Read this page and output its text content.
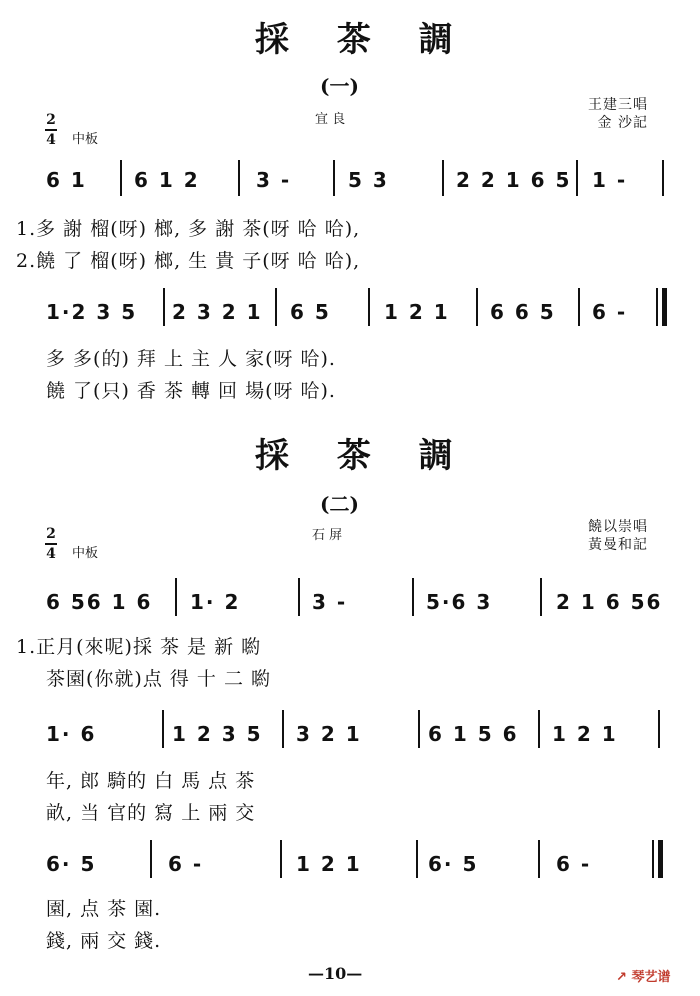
採 茶 調
(一)
宜 良
2
4 中板
王建三唱
金 沙記
6 1 6 1 2	3 -	5 3	2 2 1 6 5 1 -
1.多 謝 榴(呀) 榔, 多 謝 茶(呀 哈 哈),
2.饒 了 榴(呀) 榔, 生 貴 子(呀 哈 哈),
1·2 3 5 2 3 2 1 6 5	1 2 1 6 6 5 6 -
多 多(的) 拜 上 主 人 家(呀 哈).
饒 了(只) 香 茶 轉 回 場(呀 哈).
採 茶 調
(二)
石 屏
2
4 中板
饒以崇唱
黃曼和記
6 56 1 6 1· 2	3 -	5·6 3	2 1 6 56
1.正月(來呢)採 茶 是 新 喲
茶園(你就)点 得 十 二 喲
1· 6	1 2 3 5 3 2 1	6 1 5 6 1 2 1
年, 郎 騎的 白 馬 点 茶
畝, 当 官的 寫 上 兩 交
6· 5	6 -	1 2 1	6· 5	6 -
園, 点 茶 園.
錢, 兩 交 錢.
—10—	↗ 琴艺谱
